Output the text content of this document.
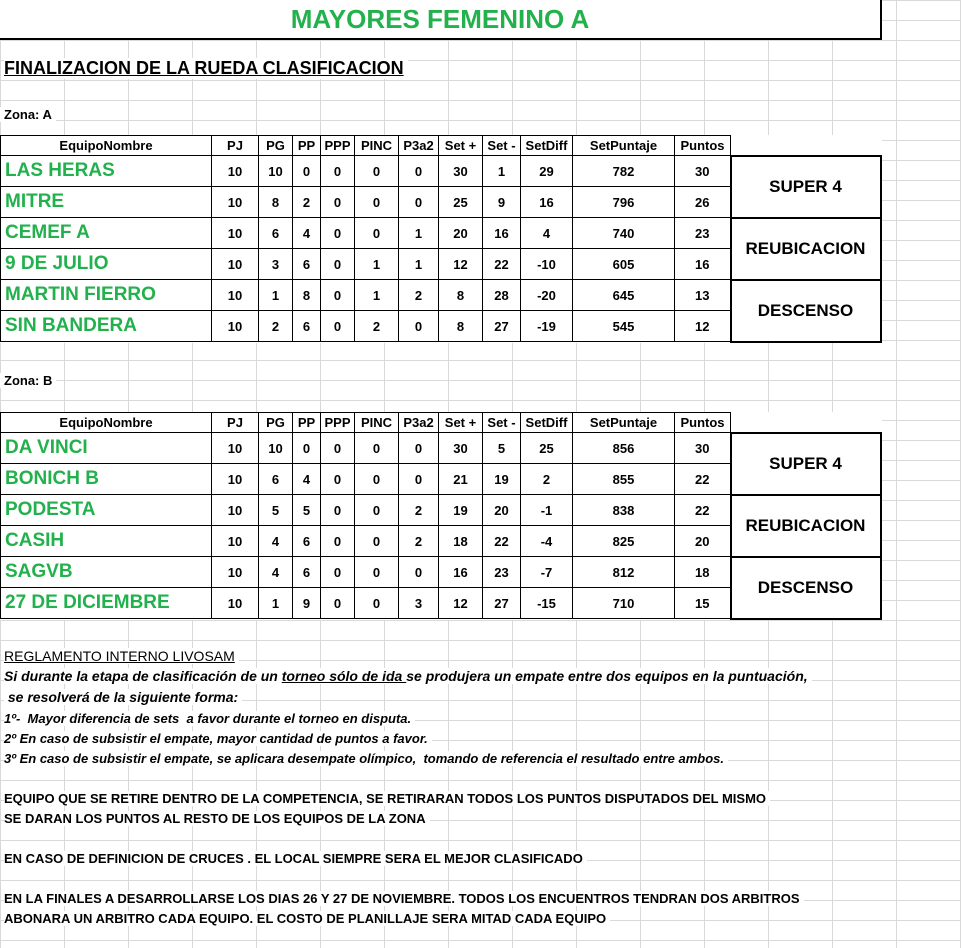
MAYORES FEMENINO A
FINALIZACION DE LA RUEDA CLASIFICACION
Zona: A
EquipoNombre	PJ	PG	PP	PPP	PINC	P3a2	Set +	Set -	SetDiff	SetPuntaje	Puntos	
LAS HERAS	10	10	0	0	0	0	30	1	29	782	30	SUPER 4
MITRE	10	8	2	0	0	0	25	9	16	796	26	
CEMEF A	10	6	4	0	0	1	20	16	4	740	23	REUBICACION
9 DE JULIO	10	3	6	0	1	1	12	22	-10	605	16	
MARTIN FIERRO	10	1	8	0	1	2	8	28	-20	645	13	DESCENSO
SIN BANDERA	10	2	6	0	2	0	8	27	-19	545	12	
Zona: B
EquipoNombre	PJ	PG	PP	PPP	PINC	P3a2	Set +	Set -	SetDiff	SetPuntaje	Puntos	
DA VINCI	10	10	0	0	0	0	30	5	25	856	30	SUPER 4
BONICH B	10	6	4	0	0	0	21	19	2	855	22	
PODESTA	10	5	5	0	0	2	19	20	-1	838	22	REUBICACION
CASIH	10	4	6	0	0	2	18	22	-4	825	20	
SAGVB	10	4	6	0	0	0	16	23	-7	812	18	DESCENSO
27 DE DICIEMBRE	10	1	9	0	0	3	12	27	-15	710	15	
REGLAMENTO INTERNO LIVOSAM
Si durante la etapa de clasificación de un torneo sólo de ida se produjera un empate entre dos equipos en la puntuación,
se resolverá de la siguiente forma:
1º-  Mayor diferencia de sets  a favor durante el torneo en disputa.
2º En caso de subsistir el empate, mayor cantidad de puntos a favor.
3º En caso de subsistir el empate, se aplicara desempate olímpico,  tomando de referencia el resultado entre ambos.
EQUIPO QUE SE RETIRE DENTRO DE LA COMPETENCIA, SE RETIRARAN TODOS LOS PUNTOS DISPUTADOS DEL MISMO
SE DARAN LOS PUNTOS AL RESTO DE LOS EQUIPOS DE LA ZONA
EN CASO DE DEFINICION DE CRUCES . EL LOCAL SIEMPRE SERA EL MEJOR CLASIFICADO
EN LA FINALES A DESARROLLARSE LOS DIAS 26 Y 27 DE NOVIEMBRE. TODOS LOS ENCUENTROS TENDRAN DOS ARBITROS
ABONARA UN ARBITRO CADA EQUIPO. EL COSTO DE PLANILLAJE SERA MITAD CADA EQUIPO
